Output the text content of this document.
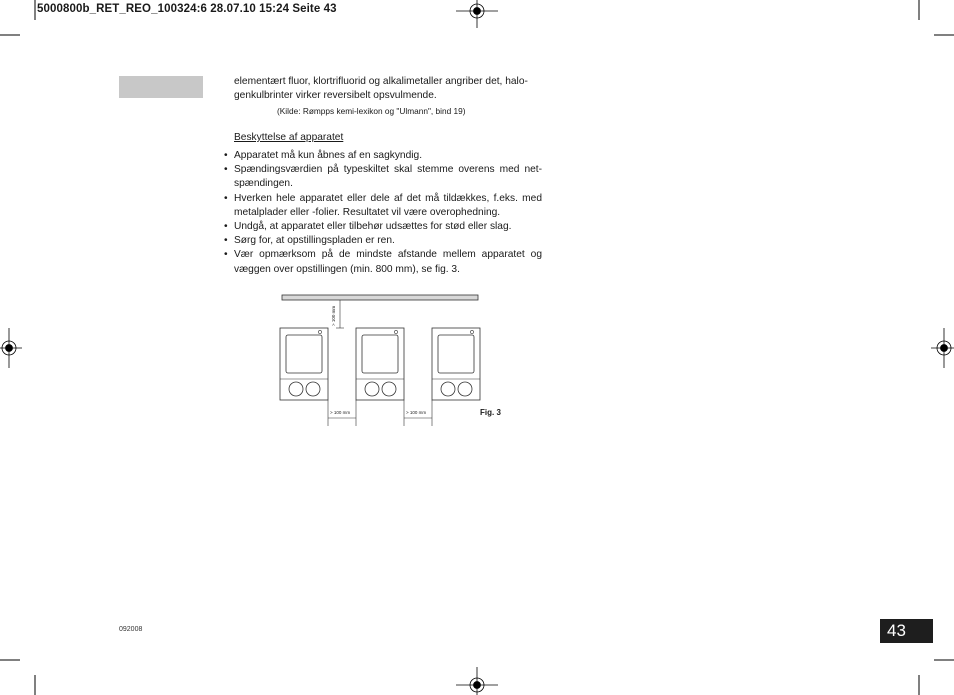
5000800b_RET_REO_100324:6 28.07.10 15:24 Seite 43
elementært fluor, klortrifluorid og alkalimetaller angriber det, halo-
genkulbrinter virker reversibelt opsvulmende.
(Kilde: Rømpps kemi-lexikon og "Ulmann", bind 19)
Beskyttelse af apparatet
• Apparatet må kun åbnes af en sagkyndig.
• Spændingsværdien på typeskiltet skal stemme overens med net-spændingen.
• Hverken hele apparatet eller dele af det må tildækkes, f.eks. med metalplader eller -folier. Resultatet vil være overophedning.
• Undgå, at apparatet eller tilbehør udsættes for stød eller slag.
• Sørg for, at opstillingspladen er ren.
• Vær opmærksom på de mindste afstande mellem apparatet og væggen over opstillingen (min. 800 mm), se fig. 3.
> 100 mm
> 100 mm	> 100 mm	Fig. 3
092008	43
